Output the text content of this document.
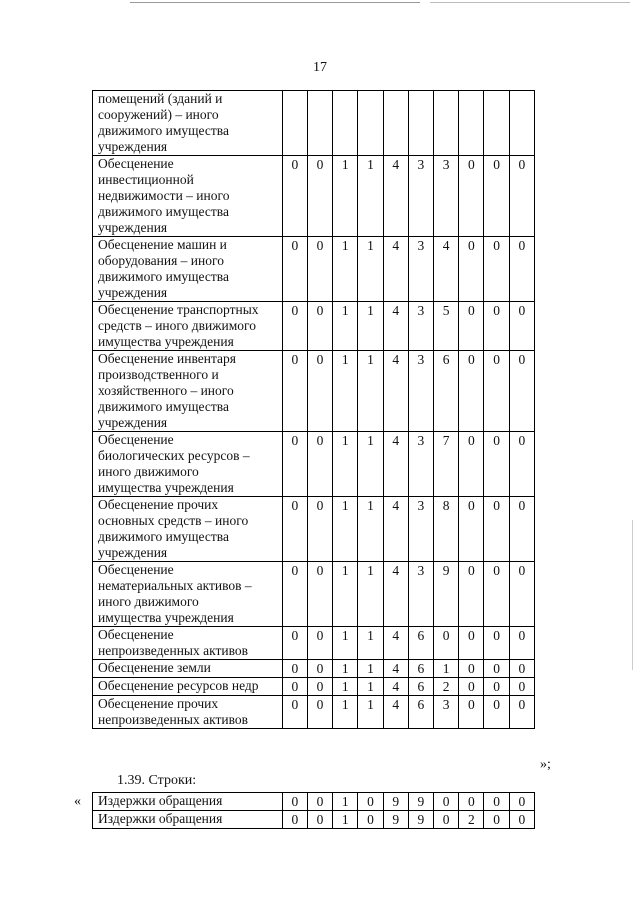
17
помещений (зданий и
сооружений) – иного
движимого имущества
учреждения										

Обесценение
инвестиционной
недвижимости – иного
движимого имущества
учреждения	0	0	1	1	4	3	3	0	0	0

Обесценение машин и
оборудования – иного
движимого имущества
учреждения	0	0	1	1	4	3	4	0	0	0

Обесценение транспортных
средств – иного движимого
имущества учреждения	0	0	1	1	4	3	5	0	0	0

Обесценение инвентаря
производственного и
хозяйственного – иного
движимого имущества
учреждения	0	0	1	1	4	3	6	0	0	0

Обесценение
биологических ресурсов –
иного движимого
имущества учреждения	0	0	1	1	4	3	7	0	0	0

Обесценение прочих
основных средств – иного
движимого имущества
учреждения	0	0	1	1	4	3	8	0	0	0

Обесценение
нематериальных активов –
иного движимого
имущества учреждения	0	0	1	1	4	3	9	0	0	0

Обесценение
непроизведенных активов	0	0	1	1	4	6	0	0	0	0

Обесценение земли	0	0	1	1	4	6	1	0	0	0

Обесценение ресурсов недр	0	0	1	1	4	6	2	0	0	0

Обесценение прочих
непроизведенных активов	0	0	1	1	4	6	3	0	0	0
»;
1.39. Строки:
« Издержки обращения	0	0	1	0	9	9	0	0	0	0

Издержки обращения	0	0	1	0	9	9	0	2	0	0
